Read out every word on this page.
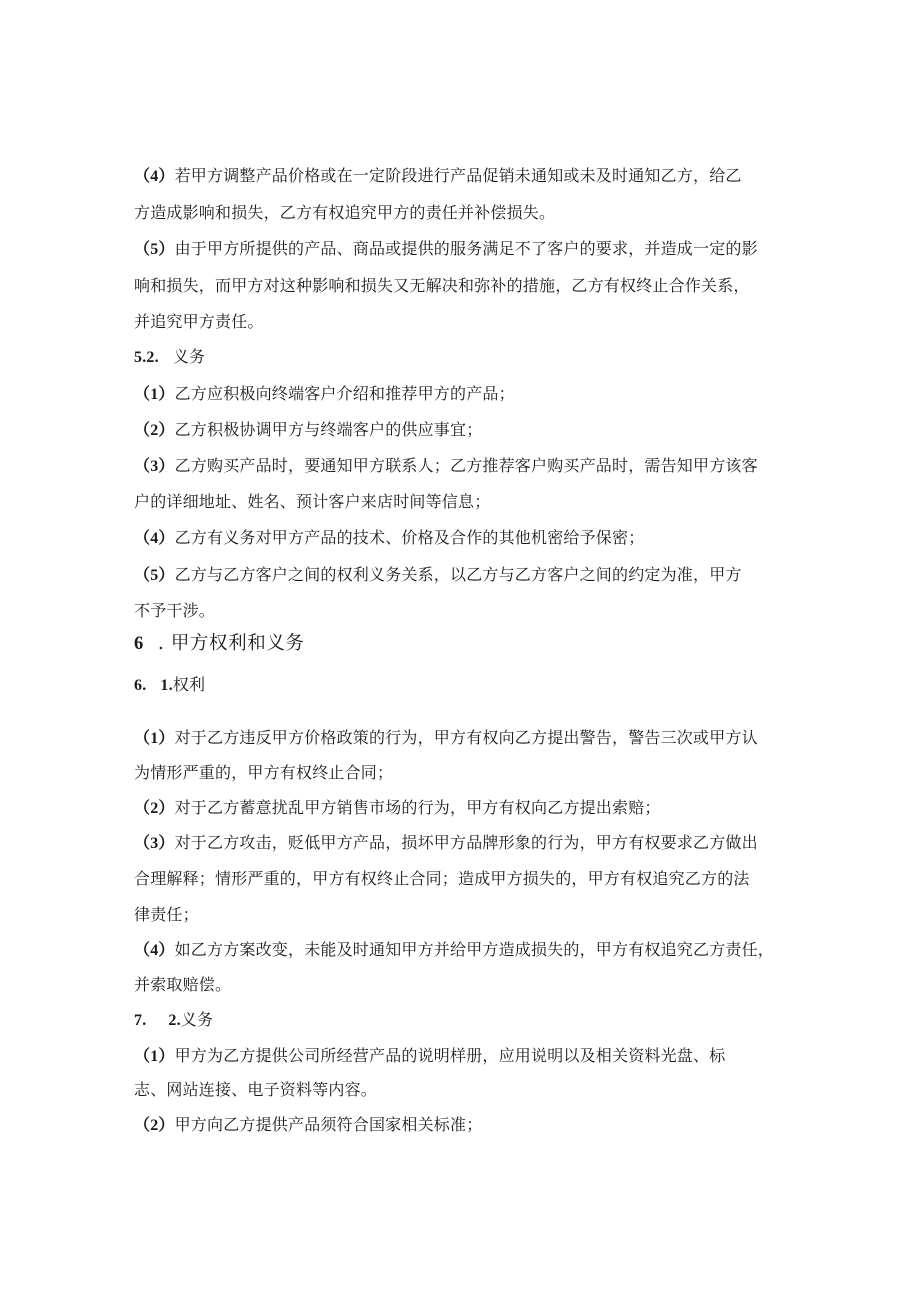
（4）若甲方调整产品价格或在一定阶段进行产品促销未通知或未及时通知乙方，给乙
方造成影响和损失，乙方有权追究甲方的责任并补偿损失。
（5）由于甲方所提供的产品、商品或提供的服务满足不了客户的要求，并造成一定的影
响和损失，而甲方对这种影响和损失又无解决和弥补的措施，乙方有权终止合作关系，
并追究甲方责任。
5.2. 义务
（1）乙方应积极向终端客户介绍和推荐甲方的产品；
（2）乙方积极协调甲方与终端客户的供应事宜；
（3）乙方购买产品时，要通知甲方联系人；乙方推荐客户购买产品时，需告知甲方该客
户的详细地址、姓名、预计客户来店时间等信息；
（4）乙方有义务对甲方产品的技术、价格及合作的其他机密给予保密；
（5）乙方与乙方客户之间的权利义务关系，以乙方与乙方客户之间的约定为准，甲方
不予干涉。
6 . 甲方权利和义务
6. 1.权利
（1）对于乙方违反甲方价格政策的行为，甲方有权向乙方提出警告，警告三次或甲方认
为情形严重的，甲方有权终止合同；
（2）对于乙方蓄意扰乱甲方销售市场的行为，甲方有权向乙方提出索赔；
（3）对于乙方攻击，贬低甲方产品，损坏甲方品牌形象的行为，甲方有权要求乙方做出
合理解释；情形严重的，甲方有权终止合同；造成甲方损失的，甲方有权追究乙方的法
律责任；
（4）如乙方方案改变，未能及时通知甲方并给甲方造成损失的，甲方有权追究乙方责任，
并索取赔偿。
7. 2.义务
（1）甲方为乙方提供公司所经营产品的说明样册，应用说明以及相关资料光盘、标
志、网站连接、电子资料等内容。
（2）甲方向乙方提供产品须符合国家相关标准；
